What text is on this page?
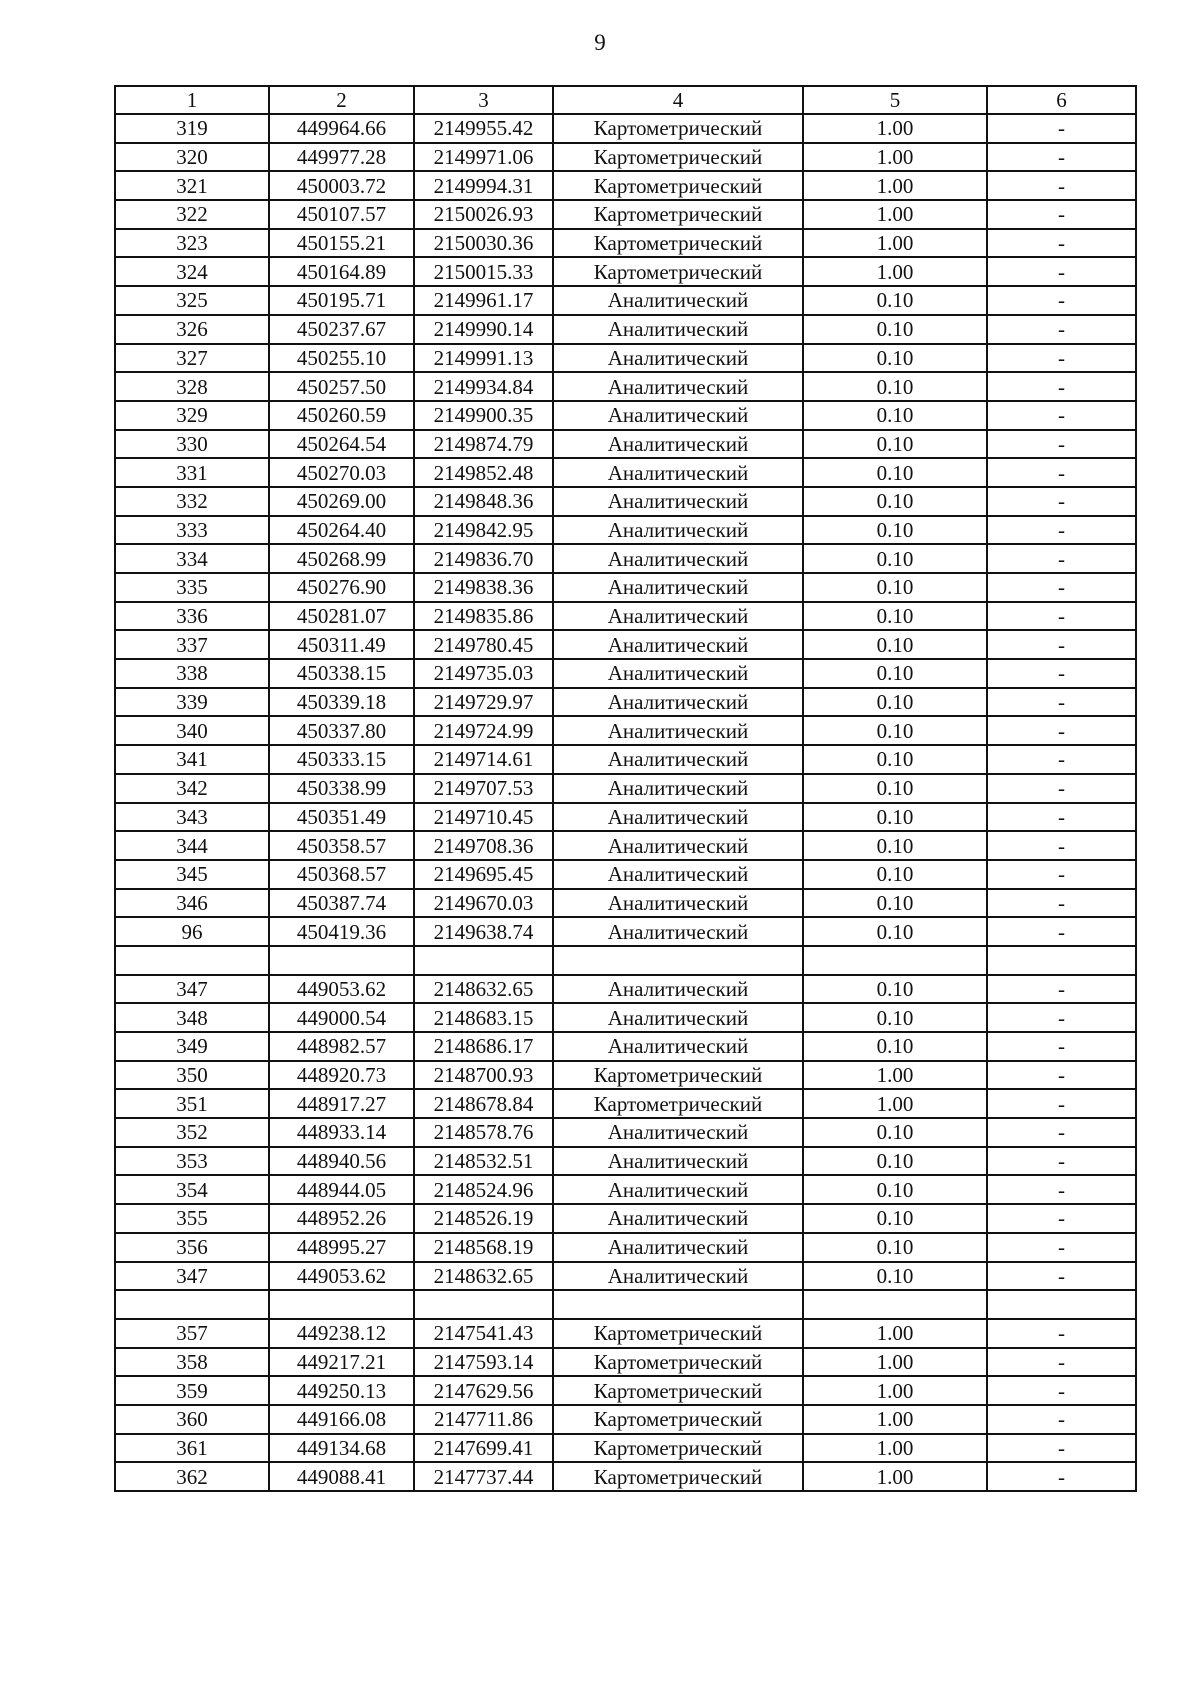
9
1	2	3	4	5	6
319	449964.66	2149955.42	Картометрический	1.00	-
320	449977.28	2149971.06	Картометрический	1.00	-
321	450003.72	2149994.31	Картометрический	1.00	-
322	450107.57	2150026.93	Картометрический	1.00	-
323	450155.21	2150030.36	Картометрический	1.00	-
324	450164.89	2150015.33	Картометрический	1.00	-
325	450195.71	2149961.17	Аналитический	0.10	-
326	450237.67	2149990.14	Аналитический	0.10	-
327	450255.10	2149991.13	Аналитический	0.10	-
328	450257.50	2149934.84	Аналитический	0.10	-
329	450260.59	2149900.35	Аналитический	0.10	-
330	450264.54	2149874.79	Аналитический	0.10	-
331	450270.03	2149852.48	Аналитический	0.10	-
332	450269.00	2149848.36	Аналитический	0.10	-
333	450264.40	2149842.95	Аналитический	0.10	-
334	450268.99	2149836.70	Аналитический	0.10	-
335	450276.90	2149838.36	Аналитический	0.10	-
336	450281.07	2149835.86	Аналитический	0.10	-
337	450311.49	2149780.45	Аналитический	0.10	-
338	450338.15	2149735.03	Аналитический	0.10	-
339	450339.18	2149729.97	Аналитический	0.10	-
340	450337.80	2149724.99	Аналитический	0.10	-
341	450333.15	2149714.61	Аналитический	0.10	-
342	450338.99	2149707.53	Аналитический	0.10	-
343	450351.49	2149710.45	Аналитический	0.10	-
344	450358.57	2149708.36	Аналитический	0.10	-
345	450368.57	2149695.45	Аналитический	0.10	-
346	450387.74	2149670.03	Аналитический	0.10	-
96	450419.36	2149638.74	Аналитический	0.10	-

347	449053.62	2148632.65	Аналитический	0.10	-
348	449000.54	2148683.15	Аналитический	0.10	-
349	448982.57	2148686.17	Аналитический	0.10	-
350	448920.73	2148700.93	Картометрический	1.00	-
351	448917.27	2148678.84	Картометрический	1.00	-
352	448933.14	2148578.76	Аналитический	0.10	-
353	448940.56	2148532.51	Аналитический	0.10	-
354	448944.05	2148524.96	Аналитический	0.10	-
355	448952.26	2148526.19	Аналитический	0.10	-
356	448995.27	2148568.19	Аналитический	0.10	-
347	449053.62	2148632.65	Аналитический	0.10	-

357	449238.12	2147541.43	Картометрический	1.00	-
358	449217.21	2147593.14	Картометрический	1.00	-
359	449250.13	2147629.56	Картометрический	1.00	-
360	449166.08	2147711.86	Картометрический	1.00	-
361	449134.68	2147699.41	Картометрический	1.00	-
362	449088.41	2147737.44	Картометрический	1.00	-
